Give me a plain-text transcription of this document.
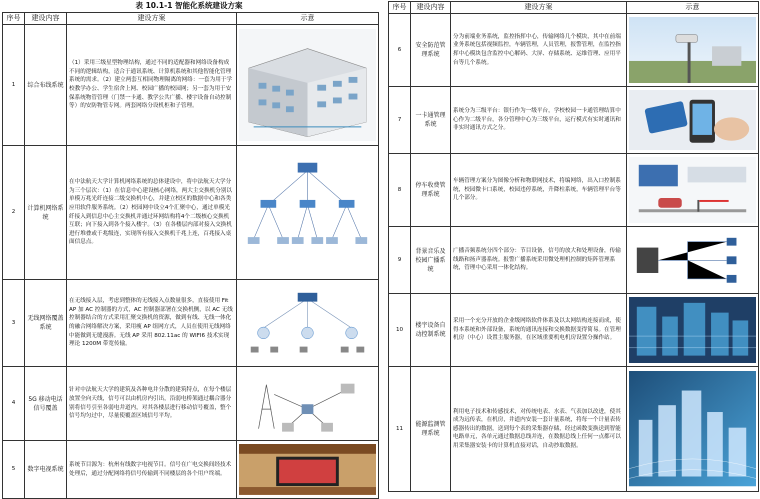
表 10.1-1 智能化系统建设方案
序号	建设内容	建设方案	示意
1	综合布线系统	（1）采用三级星型物理结构，通过不同的适配器和网络设备构成不同的逻辑结构，适合于通讯系统、计算机系统和其他智能化管理系统的需求。（2）建立两套互相同物理隔离的网络：一套为用于学校教学办公、学生宿舍上网、校园广播的校园网；另一套为用于安保系统物管管理（门禁一卡通、教学公共广播、楼宇设备自动控制等）的安防物管专网。两套网络分设机柜和子管理。	

2	计算机网络系统	在中法航天大学计算机网络系统的总体建设中，将中法航天大学分为三个层次：（1）在信息中心建设核心网络，两大主交换机分别以单模万兆光纤连接二级交换机中心，并建立校区的数据中心和各类应用软件服务系统。（2）校园网中设立4个汇聚中心，通过单模光纤接入到信息中心主交换机并通过环网结构将4个二级核心交换机互联；向下接入到各个接入楼宇。（3）在各楼层内部对接入交换机进行堆叠或千兆级连，实现所有接入交换机千兆上连，百兆接入桌面信息点。	

3	无线网络覆盖系统	在无线接入层，考虑到整体的无线接入点数量很多，直接使用 Fit AP 加 AC 控制器的方式，AC 控制器部署在交换机侧，以 AC 无线控制器结合的方式采用汇聚交换机的资源，做到有线、无线一体化的融合网络解决方案，采用瘦 AP 组网方式，人员在使用无线网络中能做到无缝漫游。无线 AP 采用 802.11ac 的 WIFI6 技术实现理论 1200M 带宽传输。	

4	5G 移动电话信号覆盖	针对中法航天大学的建筑及各种电井分散的建筑特点，在每个楼层放置全向天线，信号可以由机房内引出，沿弱电桥架通过耦合器分别将信号引至各弱电井道内，对其各楼层进行移动信号覆盖，整个信号均匀过中，尽量使覆盖区域信号平均。	

5	数字电视系统	系统节目源为：杭州有线数字电视节目。信号在广电交换间经技术处理后，通过分配网络将信号传输到不同楼层的各个用户终端。	
序号	建设内容	建设方案	示意
6	安全防范管理系统	分为前端业务系统，监控指挥中心，传输网络几个模块，其中在前端业务系统包括视频监控，车辆管理，人员管理，报警管理，在监控指挥中心模块包含监控中心解码、大屏、存储系统、运维管理、应用平台等几个系统。	

7	一卡通管理系统	系统分为三级平台：银行作为一级平台，学校校园一卡通管理结算中心作为二级平台，各分管理中心为三级平台，运行模式有实时通讯和非实时通讯方式之分。	

8	停车收费管理系统	车辆管理方案分为图像分析和物联网技术，将编网络，出入口控制系统，校园微卡口系统，校园违停系统，升降柱系统，车辆管理平台等几个部分。	

9	背景音乐及校园广播系统	广播音频系统分四个部分：节目设备，信号的放大和处理设备，传输线路和扬声器系统。报警广播系统采用微处理机控制的矩阵管理系统，管理中心采用一体化结构。	

10	楼宇设备自动控制系统	采用一个充分开放的企业级网络软件体系及以太网结构连接而成，使得本系统和外部设备，系统的通讯连接和交换数据变得简易。在管理机房（中心）设置主服务器，在区域重要机电机房设置分操作站。	

11	能源监测管理系统	利用电子技术和传感技术，对传统电表、水表、气表加以改进，使其成为远传表，在机房，井道内安装一套计量系统，将每一个计量表传感器传出的数据，送到每个表的采集器存储，经过函数变换送到智能电路单元，各单元通过数据总线并连，在数据总线上任何一点都可以用采集器安装卡的计算机直接对话，自动抄取数据。	
